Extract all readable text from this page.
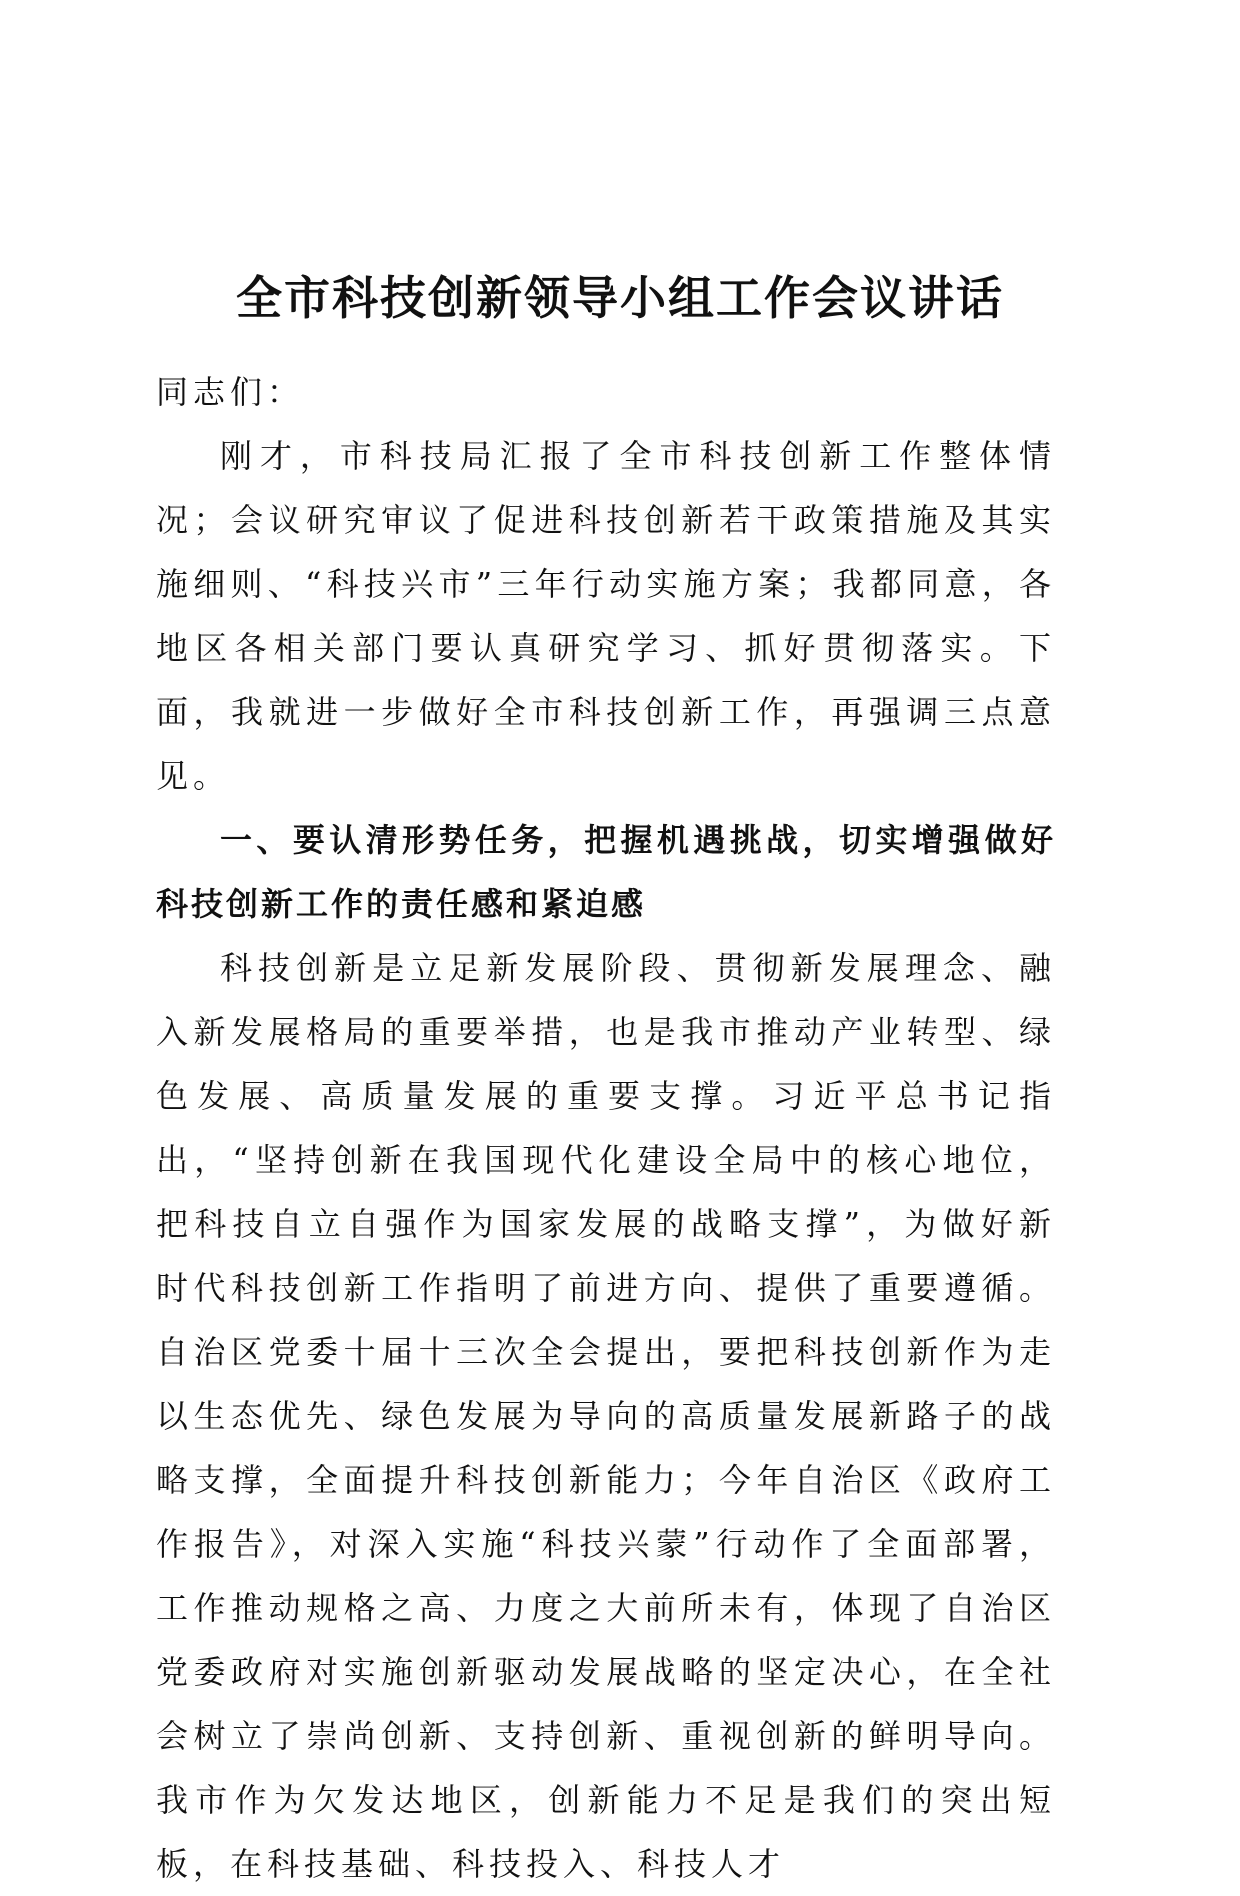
全市科技创新领导小组工作会议讲话

同志们：

刚才，市科技局汇报了全市科技创新工作整体情况；会议研究审议了促进科技创新若干政策措施及其实施细则、“科技兴市”三年行动实施方案；我都同意，各地区各相关部门要认真研究学习、抓好贯彻落实。下面，我就进一步做好全市科技创新工作，再强调三点意见。

一、要认清形势任务，把握机遇挑战，切实增强做好科技创新工作的责任感和紧迫感

科技创新是立足新发展阶段、贯彻新发展理念、融入新发展格局的重要举措，也是我市推动产业转型、绿色发展、高质量发展的重要支撑。习近平总书记指出，“坚持创新在我国现代化建设全局中的核心地位，把科技自立自强作为国家发展的战略支撑”，为做好新时代科技创新工作指明了前进方向、提供了重要遵循。自治区党委十届十三次全会提出，要把科技创新作为走以生态优先、绿色发展为导向的高质量发展新路子的战略支撑，全面提升科技创新能力；今年自治区《政府工作报告》，对深入实施“科技兴蒙”行动作了全面部署，工作推动规格之高、力度之大前所未有，体现了自治区党委政府对实施创新驱动发展战略的坚定决心，在全社会树立了崇尚创新、支持创新、重视创新的鲜明导向。我市作为欠发达地区，创新能力不足是我们的突出短板，在科技基础、科技投入、科技人才
